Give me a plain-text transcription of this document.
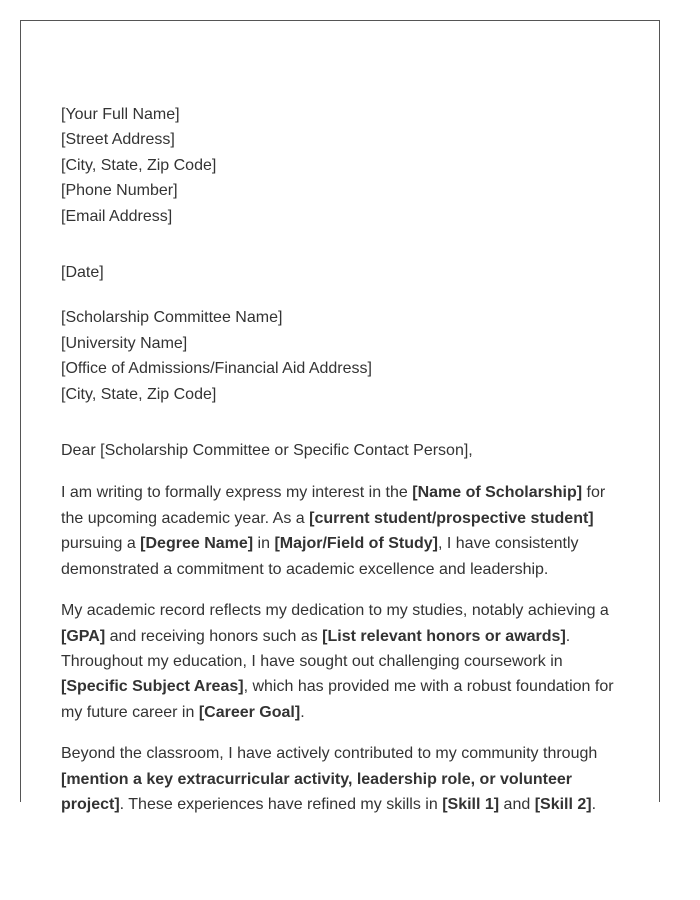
[Your Full Name]

[Street Address]

[City, State, Zip Code]

[Phone Number]

[Email Address]

[Date]

[Scholarship Committee Name]

[University Name]

[Office of Admissions/Financial Aid Address]

[City, State, Zip Code]

Dear [Scholarship Committee or Specific Contact Person],

I am writing to formally express my interest in the [Name of Scholarship] for the upcoming academic year. As a [current student/prospective student] pursuing a [Degree Name] in [Major/Field of Study], I have consistently demonstrated a commitment to academic excellence and leadership.

My academic record reflects my dedication to my studies, notably achieving a [GPA] and receiving honors such as [List relevant honors or awards]. Throughout my education, I have sought out challenging coursework in [Specific Subject Areas], which has provided me with a robust foundation for my future career in [Career Goal].

Beyond the classroom, I have actively contributed to my community through [mention a key extracurricular activity, leadership role, or volunteer project]. These experiences have refined my skills in [Skill 1] and [Skill 2].
